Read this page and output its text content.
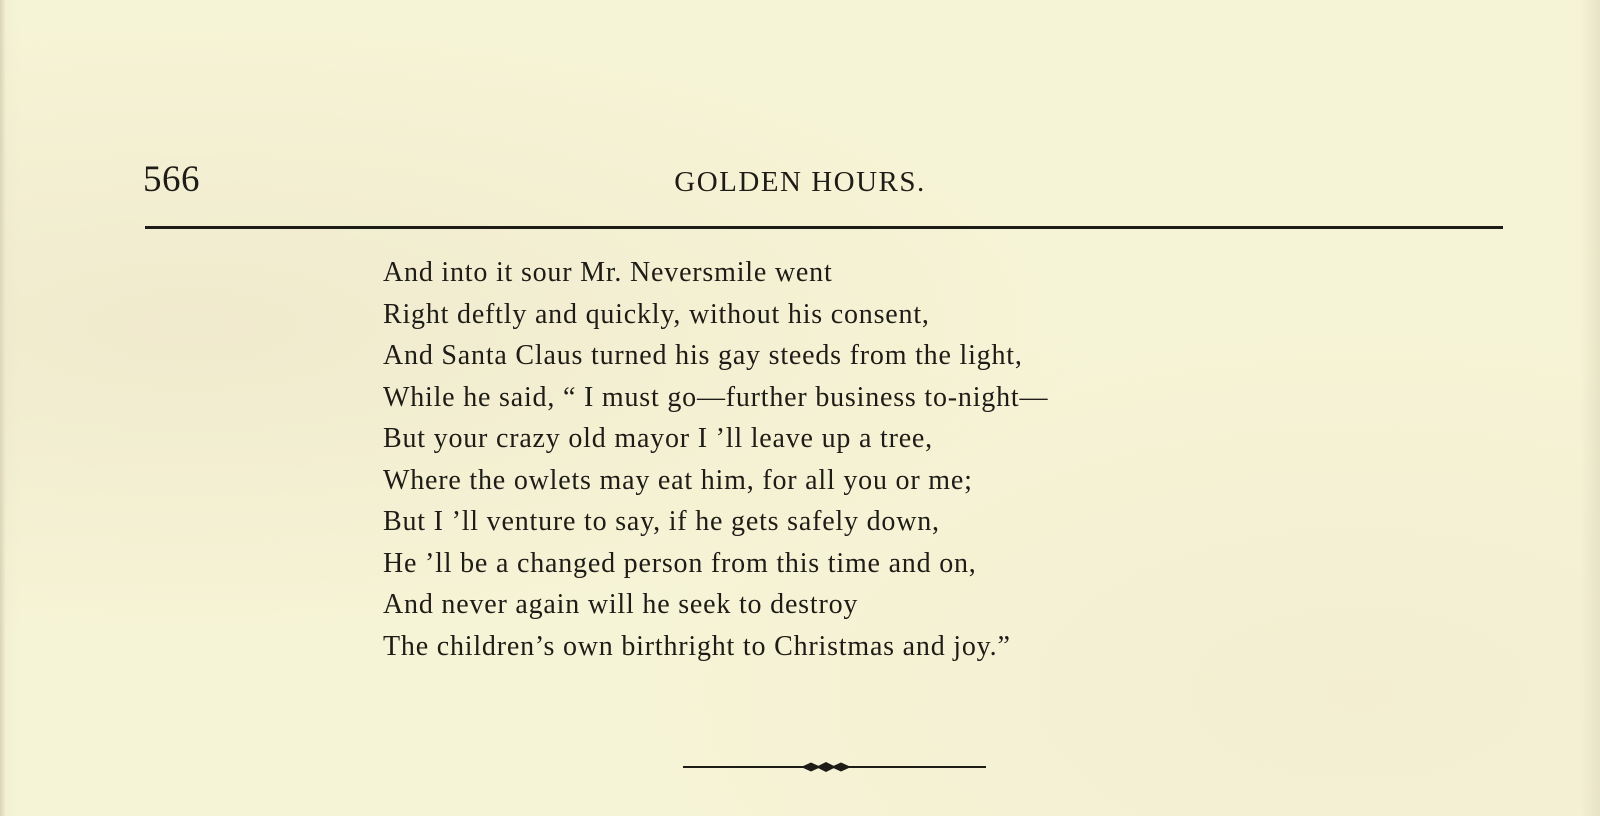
566	GOLDEN HOURS.
And into it sour Mr. Neversmile went
Right deftly and quickly, without his consent,
And Santa Claus turned his gay steeds from the light,
While he said, “ I must go—further business to-night—
But your crazy old mayor I ’ll leave up a tree,
Where the owlets may eat him, for all you or me;
But I ’ll venture to say, if he gets safely down,
He ’ll be a changed person from this time and on,
And never again will he seek to destroy
The children’s own birthright to Christmas and joy.”
